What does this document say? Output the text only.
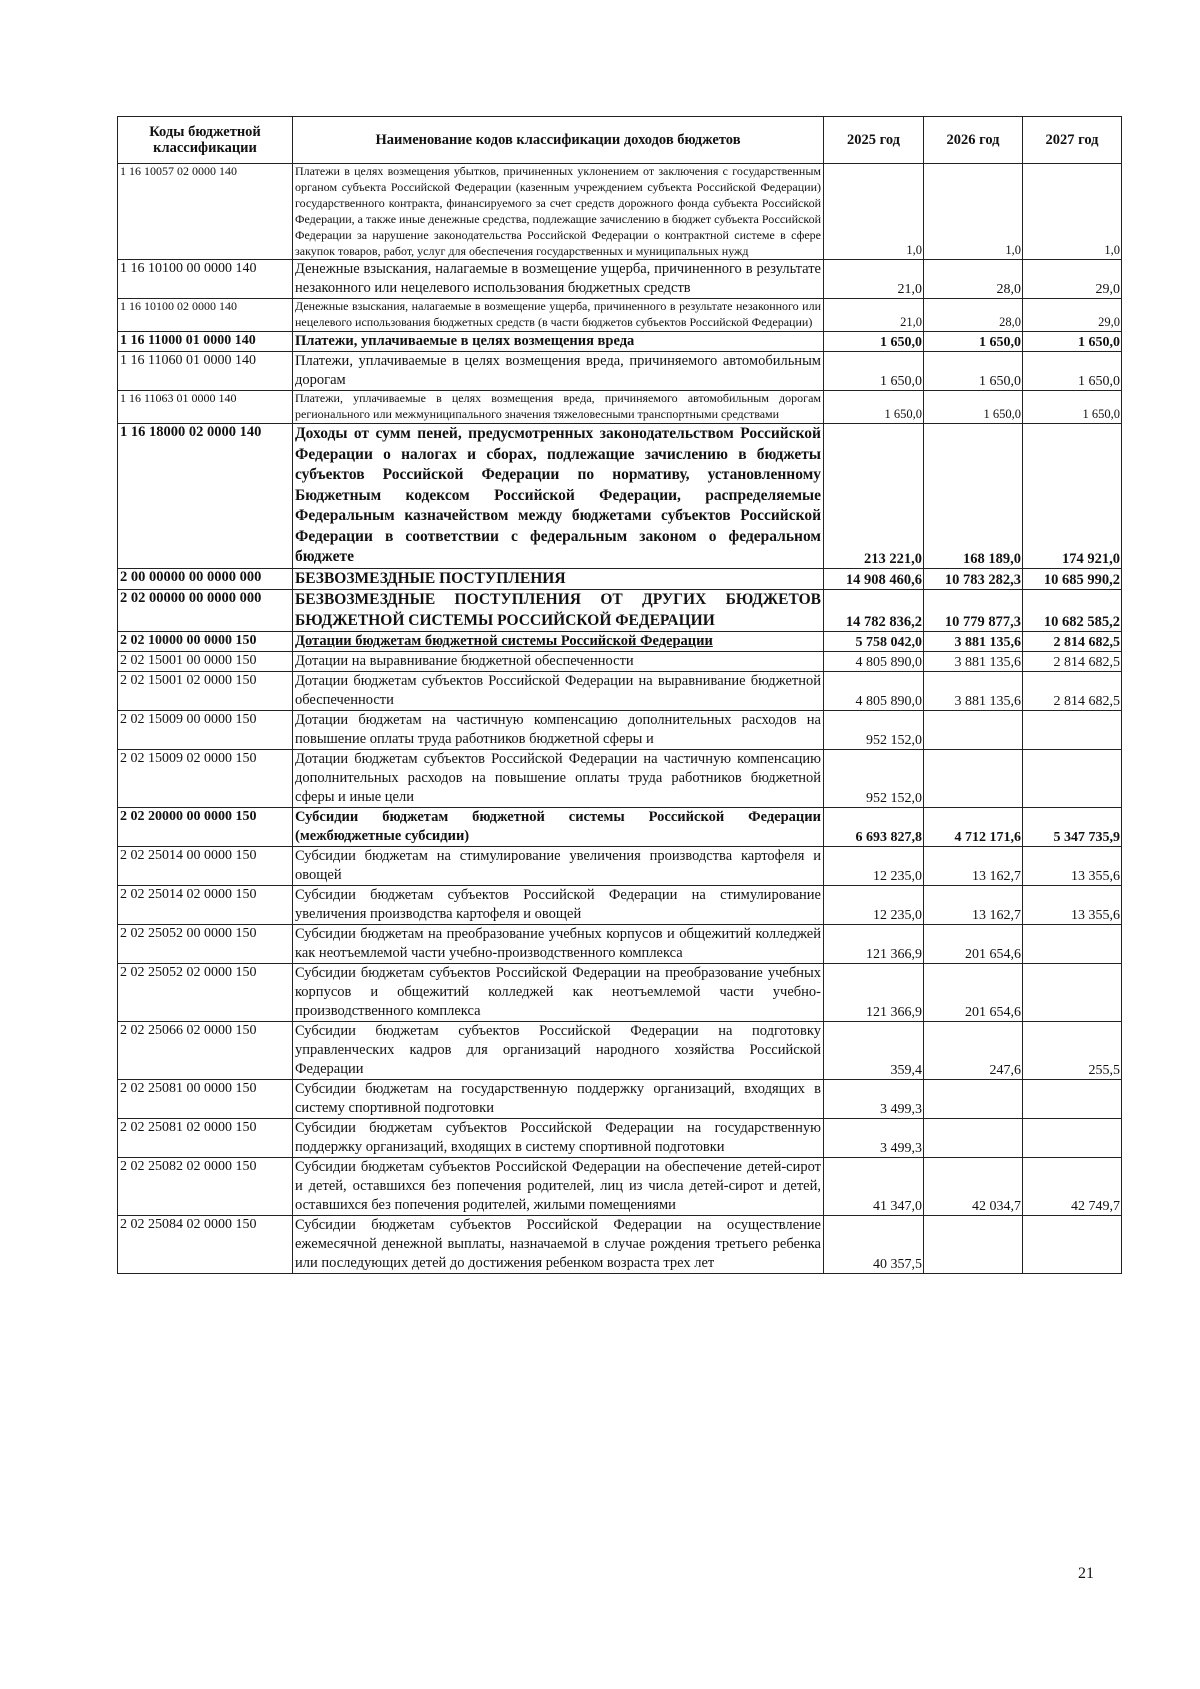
Коды бюджетной классификации	Наименование кодов классификации доходов бюджетов	2025 год	2026 год	2027 год
1 16 10057 02 0000 140	Платежи в целях возмещения убытков, причиненных уклонением от заключения с государственным органом субъекта Российской Федерации (казенным учреждением субъекта Российской Федерации) государственного контракта, финансируемого за счет средств дорожного фонда субъекта Российской Федерации, а также иные денежные средства, подлежащие зачислению в бюджет субъекта Российской Федерации за нарушение законодательства Российской Федерации о контрактной системе в сфере закупок товаров, работ, услуг для обеспечения государственных и муниципальных нужд	1,0	1,0	1,0
1 16 10100 00 0000 140	Денежные взыскания, налагаемые в возмещение ущерба, причиненного в результате незаконного или нецелевого использования бюджетных средств	21,0	28,0	29,0
1 16 10100 02 0000 140	Денежные взыскания, налагаемые в возмещение ущерба, причиненного в результате незаконного или нецелевого использования бюджетных средств (в части бюджетов субъектов Российской Федерации)	21,0	28,0	29,0
1 16 11000 01 0000 140	Платежи, уплачиваемые в целях возмещения вреда	1 650,0	1 650,0	1 650,0
1 16 11060 01 0000 140	Платежи, уплачиваемые в целях возмещения вреда, причиняемого автомобильным дорогам	1 650,0	1 650,0	1 650,0
1 16 11063 01 0000 140	Платежи, уплачиваемые в целях возмещения вреда, причиняемого автомобильным дорогам регионального или межмуниципального значения тяжеловесными транспортными средствами	1 650,0	1 650,0	1 650,0
1 16 18000 02 0000 140	Доходы от сумм пеней, предусмотренных законодательством Российской Федерации о налогах и сборах, подлежащие зачислению в бюджеты субъектов Российской Федерации по нормативу, установленному Бюджетным кодексом Российской Федерации, распределяемые Федеральным казначейством между бюджетами субъектов Российской Федерации в соответствии с федеральным законом о федеральном бюджете	213 221,0	168 189,0	174 921,0
2 00 00000 00 0000 000	БЕЗВОЗМЕЗДНЫЕ ПОСТУПЛЕНИЯ	14 908 460,6	10 783 282,3	10 685 990,2
2 02 00000 00 0000 000	БЕЗВОЗМЕЗДНЫЕ ПОСТУПЛЕНИЯ ОТ ДРУГИХ БЮДЖЕТОВ БЮДЖЕТНОЙ СИСТЕМЫ РОССИЙСКОЙ ФЕДЕРАЦИИ	14 782 836,2	10 779 877,3	10 682 585,2
2 02 10000 00 0000 150	Дотации бюджетам бюджетной системы Российской Федерации	5 758 042,0	3 881 135,6	2 814 682,5
2 02 15001 00 0000 150	Дотации на выравнивание бюджетной обеспеченности	4 805 890,0	3 881 135,6	2 814 682,5
2 02 15001 02 0000 150	Дотации бюджетам субъектов Российской Федерации на выравнивание бюджетной обеспеченности	4 805 890,0	3 881 135,6	2 814 682,5
2 02 15009 00 0000 150	Дотации бюджетам на частичную компенсацию дополнительных расходов на повышение оплаты труда работников бюджетной сферы и	952 152,0		
2 02 15009 02 0000 150	Дотации бюджетам субъектов Российской Федерации на частичную компенсацию дополнительных расходов на повышение оплаты труда работников бюджетной сферы и иные цели	952 152,0		
2 02 20000 00 0000 150	Субсидии бюджетам бюджетной системы Российской Федерации (межбюджетные субсидии)	6 693 827,8	4 712 171,6	5 347 735,9
2 02 25014 00 0000 150	Субсидии бюджетам на стимулирование увеличения производства картофеля и овощей	12 235,0	13 162,7	13 355,6
2 02 25014 02 0000 150	Субсидии бюджетам субъектов Российской Федерации на стимулирование увеличения производства картофеля и овощей	12 235,0	13 162,7	13 355,6
2 02 25052 00 0000 150	Субсидии бюджетам на преобразование учебных корпусов и общежитий колледжей как неотъемлемой части учебно-производственного комплекса	121 366,9	201 654,6	
2 02 25052 02 0000 150	Субсидии бюджетам субъектов Российской Федерации на преобразование учебных корпусов и общежитий колледжей как неотъемлемой части учебно-производственного комплекса	121 366,9	201 654,6	
2 02 25066 02 0000 150	Субсидии бюджетам субъектов Российской Федерации на подготовку управленческих кадров для организаций народного хозяйства Российской Федерации	359,4	247,6	255,5
2 02 25081 00 0000 150	Субсидии бюджетам на государственную поддержку организаций, входящих в систему спортивной подготовки	3 499,3		
2 02 25081 02 0000 150	Субсидии бюджетам субъектов Российской Федерации на государственную поддержку организаций, входящих в систему спортивной подготовки	3 499,3		
2 02 25082 02 0000 150	Субсидии бюджетам субъектов Российской Федерации на обеспечение детей-сирот и детей, оставшихся без попечения родителей, лиц из числа детей-сирот и детей, оставшихся без попечения родителей, жилыми помещениями	41 347,0	42 034,7	42 749,7
2 02 25084 02 0000 150	Субсидии бюджетам субъектов Российской Федерации на осуществление ежемесячной денежной выплаты, назначаемой в случае рождения третьего ребенка или последующих детей до достижения ребенком возраста трех лет	40 357,5		
21
